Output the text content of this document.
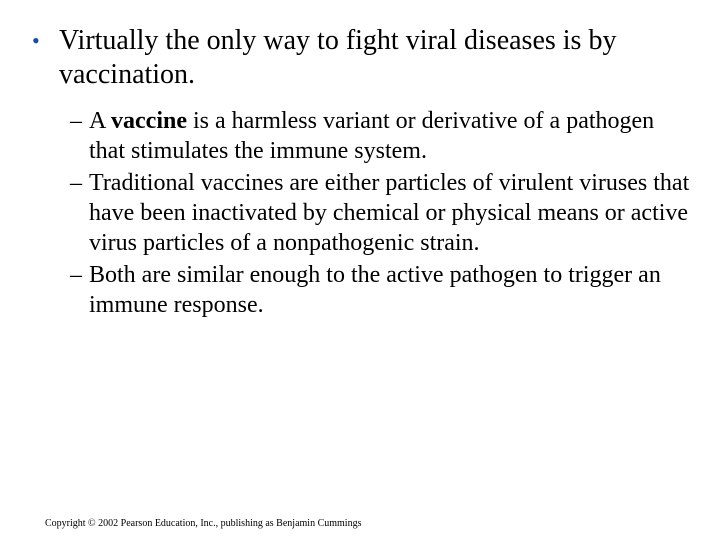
• Virtually the only way to fight viral diseases is by vaccination.
– A vaccine is a harmless variant or derivative of a pathogen that stimulates the immune system.
– Traditional vaccines are either particles of virulent viruses that have been inactivated by chemical or physical means or active virus particles of a nonpathogenic strain.
– Both are similar enough to the active pathogen to trigger an immune response.
Copyright © 2002 Pearson Education, Inc., publishing as Benjamin Cummings
